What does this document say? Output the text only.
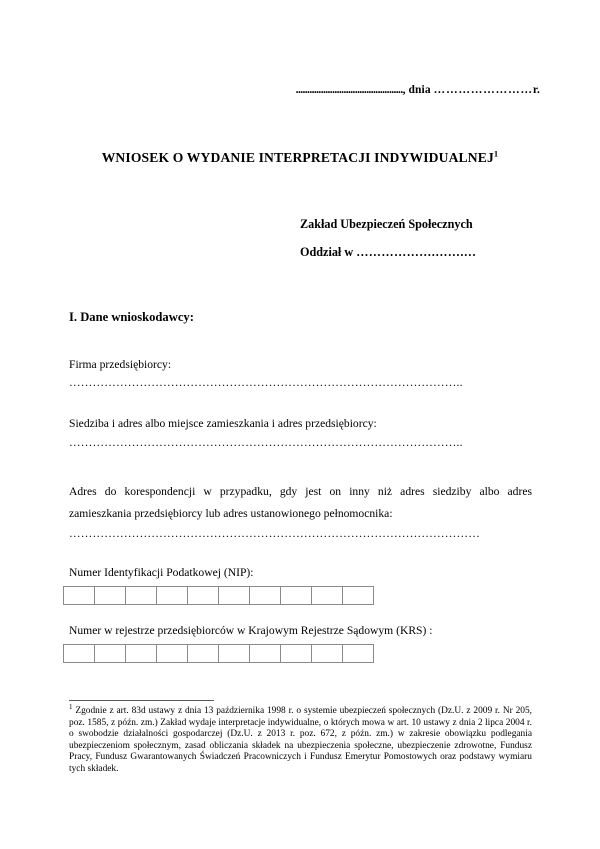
..............................................., dnia ……………………r.
WNIOSEK O WYDANIE INTERPRETACJI INDYWIDUALNEJ$^1$
Zakład Ubezpieczeń Społecznych
Oddział w ……………….…….…
I. Dane wnioskodawcy:
Firma przedsiębiorcy:
………………………………………………………………………………………..
Siedziba i adres albo miejsce zamieszkania i adres przedsiębiorcy:
………………………………………………………………………………………..
Adres do korespondencji w przypadku, gdy jest on inny niż adres siedziby albo adres
zamieszkania przedsiębiorcy lub adres ustanowionego pełnomocnika:
……………………………………………………………………………………………
Numer Identyfikacji Podatkowej (NIP):
Numer w rejestrze przedsiębiorców w Krajowym Rejestrze Sądowym (KRS) :
$^1$ Zgodnie z art. 83d ustawy z dnia 13 października 1998 r. o systemie ubezpieczeń społecznych (Dz.U. z 2009 r. Nr 205, poz. 1585, z późn. zm.) Zakład wydaje interpretacje indywidualne, o których mowa w art. 10 ustawy z dnia 2 lipca 2004 r. o swobodzie działalności gospodarczej (Dz.U. z 2013 r. poz. 672, z późn. zm.) w zakresie obowiązku podlegania ubezpieczeniom społecznym, zasad obliczania składek na ubezpieczenia społeczne, ubezpieczenie zdrowotne, Fundusz Pracy, Fundusz Gwarantowanych Świadczeń Pracowniczych i Fundusz Emerytur Pomostowych oraz podstawy wymiaru tych składek.
